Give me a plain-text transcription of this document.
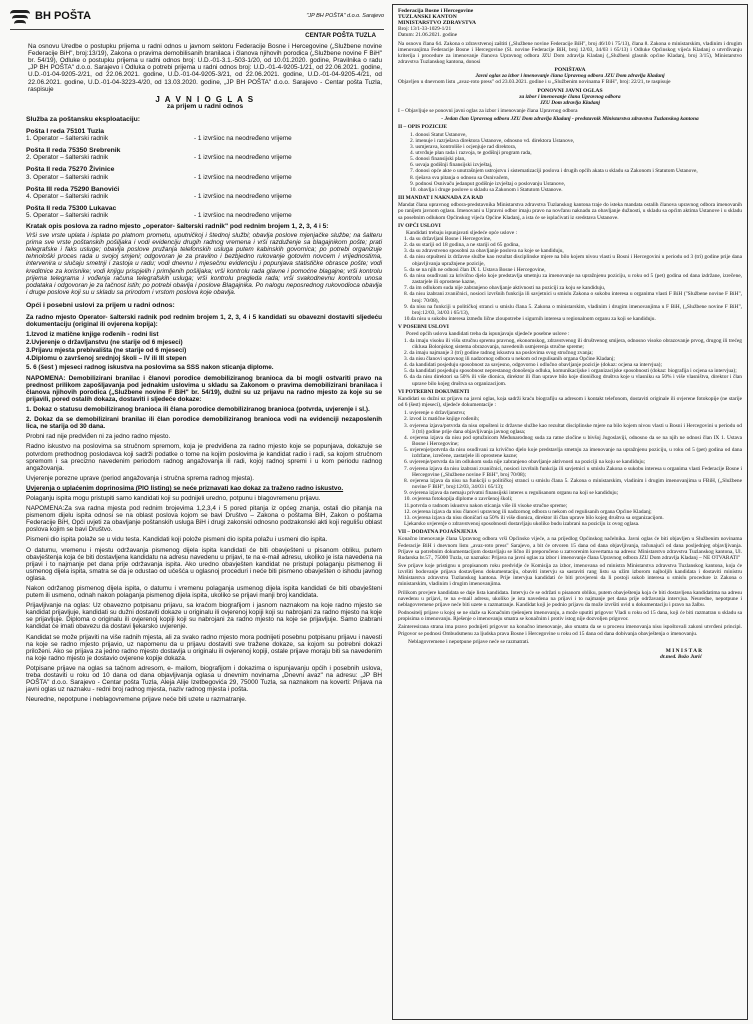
BH POŠTA	"JP BH POŠTA" d.o.o. Sarajevo
CENTAR POŠTA TUZLA
Na osnovu Uredbe o postupku prijema u radni odnos u javnom sektoru Federacije Bosne i Hercegovine („Službene novine Federacije BiH", broj:13/19), Zakona o pravima demobilisanih branilaca i članova njihovih porodica („Službene novine F BiH" br. 54/19), Odluke o postupku prijema u radni odnos broj: U.D.-01-3.1.-503-1/20, od 10.01.2020. godine, Pravilnika o radu „JP BH POŠTA" d.o.o. Sarajevo i Odluka o potrebi prijema u radni odnos broj: U.D.-01-4-9205-1/21, od 22.06.2021. godine, U.D.-01-04-9205-2/21, od 22.06.2021. godine, U.D.-01-04-9205-3/21, od 22.06.2021. godine, U.D.-01-04-9205-4/21, od 22.06.2021. godine, U.D.-01-04-3223-4/20, od 13.03.2020. godine, „JP BH POŠTA" d.o.o. Sarajevo - Centar pošta Tuzla, raspisuje
J A V N I O G L A S
za prijem u radni odnos
Služba za poštansku eksploataciju:
Pošta I reda 75101 Tuzla
1. Operator – šalterski radnik	- 1 izvršioc na neodređeno vrijeme
Pošta II reda 75350 Srebrenik
2. Operator – šalterski radnik	- 1 izvršioc na neodređeno vrijeme
Pošta II reda 75270 Živinice
3. Operator – šalterski radnik	- 1 izvršioc na neodređeno vrijeme
Pošta III reda 75290 Banovići
4. Operator – šalterski radnik	- 1 izvršioc na neodređeno vrijeme
Pošta II reda 75300 Lukavac
5. Operator – šalterski radnik	- 1 izvršioc na neodređeno vrijeme
Kratak opis poslova za radno mjesto „operator- šalterski radnik" pod rednim brojem 1, 2, 3, 4 i 5:
Vrši sve vrste uplata i isplata po platnom prometu, uputničkoj i štednoj službi; obavlja poslove mjenjačke službe; na šalteru prima sve vrste poštanskih pošiljaka i vodi evidenciju drugih radnog vremena i vrši razduženje sa blagajnikom pošte; prati telegrafske i faks usluge; obavlja poslove pružanja telefonskih usluga putem kabinskih govornica; po potrebi organizuje tehnološki proces rada u svojoj smjeni; odgovoran je za pravilno i bezbjedno rukovanje gotovim novcem i vrijednostima, intervenira u slučaju smetnji i zastoja u radu; vodi dnevnu i mjesečnu evidenciju i popunjava statističke obrasce pošte; vodi kreditnice za korisnike; vodi knjigu prispjelih i primljenih pošiljaka; vrši kontrolu rada glavne i pomoćne blagajne; vrši kontrolu prijema telegrama i vođenja računa telegrafskih usluga; vrši kontrolu pregleda rada; vrši svakodnevnu kontrolu unosa podataka i odgovoran je za tačnost istih; po potrebi obavlja i poslove Blagajnika. Po nalogu neposrednog rukovodioca obavlja i druge poslove koji su u skladu sa prirodom i vrstom poslova koje obavlja.
Opći i posebni uslovi za prijem u radni odnos:
Za radno mjesto Operator- šalterski radnik pod rednim brojem 1, 2, 3, 4 i 5 kandidati su obavezni dostaviti sljedeću dokumentaciju (original ili ovjerena kopija):
1.Izvod iz matične knjige rođenih - rodni list
2.Uvjerenje o državljanstvu (ne starije od 6 mjeseci)
3.Prijavu mjesta prebivališta (ne starije od 6 mjeseci)
4.Diplomu o završenoj srednjoj školi – IV ili III stepen
5. 6 (šest ) mjeseci radnog iskustva na poslovima sa SSS nakon sticanja diplome.
NAPOMENA: Demobilizirani branilac i članovi porodice demobiliziranog branioca da bi mogli ostvariti pravo na prednost prilikom zapošljavanja pod jednakim uslovima u skladu sa Zakonom o pravima demobilizirani branilaca i članova njihovih porodica („Službene novine F BiH" br. 54/19), dužni su uz prijavu na radno mjesto za koje su se prijavili, pored ostalih dokaza, dostaviti i sljedeće dokaze:
1. Dokaz o statusu demobiliziranog branioca ili člana porodice demobiliziranog branioca (potvrda, uvjerenje i sl.).
2. Dokaz da se demobilizirani branilac ili član porodice demobiliziranog branioca vodi na evidenciji nezaposlenih lica, ne starija od 30 dana.
Probni rad nije predviđen ni za jedno radno mjesto.
Radno iskustvo na poslovima sa stručnom spremom, koja je predviđena za radno mjesto koje se popunjava, dokazuje se potvrdom prethodnog poslodavca koji sadrži podatke o tome na kojim poslovima je kandidat radio i radi, sa kojom stručnom spremom i sa precizno navedenim periodom radnog angažovanja ili radi, kojoj radnoj spremi i u kom periodu radnog angažovanja.
Uvjerenje porezne uprave (period angažovanja i stručna sprema radnog mjesta).
Uvjerenja o uplaćenim doprinosima (PIO listing) se neće priznavati kao dokaz za traženo radno iskustvo.
Polaganju ispita mogu pristupiti samo kandidati koji su podnijeli uredno, potpunu i blagovremenu prijavu.
NAPOMENA:Za sva radna mjesta pod rednim brojevima 1,2,3,4 i 5 pored pitanja iz općeg znanja, ostali dio pitanja na pismenom dijelu ispita odnosi se na oblast poslova kojom se bavi Društvo – Zakona o poštama BiH, Zakon o poštama Federacije BiH, Opći uvjeti za obavljanje poštanskih usluga BiH i drugi zakonski odnosno podzakonski akti koji regulišu oblast poslova kojim se bavi Društvo.
Pismeni dio ispita polaže se u vidu testa. Kandidati koji polože pismeni dio ispita polažu i usmeni dio ispita.
O datumu, vremenu i mjestu održavanja pismenog dijela ispita kandidati će biti obavješteni u pisanom obliku, putem obavještenja koja će biti dostavljena kandidatu na adresu navedenu u prijavi, te na e-mail adresu, ukoliko je ista navedena na prijavi i to najmanje pet dana prije održavanja ispita. Ako uredno obavješten kandidat ne pristupi polaganju pismenog ili usmenog dijela ispita, smatra se da je odustao od učešća u oglasnoj proceduri i neće biti pismeno obavješten o ishodu javnog oglasa.
Nakon održanog pismenog dijela ispita, o datumu i vremenu polaganja usmenog dijela ispita kandidati će biti obavješteni putem ili usmeno, odnah nakon polaganja pismenog dijela ispita, ukoliko se prijavi manji broj kandidata.
Prijavljivanje na oglas: Uz obavezno potpisanu prijavu, sa kraćom biografijom i jasnom naznakom na koje radno mjesto se kandidat prijavljuje, kandidati su dužni dostaviti dokaze u originalu ili ovjerenoj kopiji koji su nabrojani za radno mjesto na koje se prijavljuje. Diploma o originalu ili ovjerenoj kopiji koji su nabrojani za radno mjesto na koje se prijavljuje. Samo izabrani kandidat će imati obavezu da dostavi ljekarsko uvjerenje.
Kandidat se može prijaviti na više radnih mjesta, ali za svako radno mjesto mora podnijeti posebnu potpisanu prijavu i navesti na koje se radno mjesto prijavio, uz napomenu da u prijavu dostaviti sve tražene dokaze, sa kojom su potrebni dokazi priloženi. Ako se prijava za jedno radno mjesto dostavlja u originalu ili ovjerenoj kopiji, ostale prijave moraju biti sa navedenim na koje radno mjesto je dostavio ovjerene kopije dokaza.
Potpisane prijave na oglas sa tačnom adresom, e- mailom, biografijom i dokazima o ispunjavanju općih i posebnih uslova, treba dostaviti u roku od 10 dana od dana objavljivanja oglasa u dnevnim novinama „Dnevni avaz" na adresu: „JP BH POŠTA" d.o.o. Sarajevo - Centar pošta Tuzla, Aleja Alije Izetbegovića 29, 75000 Tuzla, sa naznakom na koverti: Prijava na javni oglas uz naznaku - redni broj radnog mjesta, naziv radnog mjesta i pošta.
Neuredne, nepotpune i neblagovremene prijave neće biti uzete u razmatranje.
Federacija Bosne i Hercegovine
TUZLANSKI KANTON
MINISTARSTVO ZDRAVSTVA
Broj: 13/1-33-1029-1/21
Datum: 21.06.2021. godine
Na osnovu člana 64. Zakona o zdravstvenoj zaštiti („Službene novine Federacije BiH", broj 46/10 i 75/13), člana 8. Zakona o ministarskim, vladinim i drugim imenovanjima Federacije Bosne i Hercegovine (Sl. novine Federacije BiH, broj 12/03, 34/03 i 65/13) i Odluke Općinskog vijeća Kladanj o utvrđivanju kriterija i procedure za imenovanje članova Upravnog odbora JZU Dom zdravlja Kladanj („Službeni glasnik općine Kladanj, broj 3/15), Ministarstvo zdravstva Tuzlanskog kantona, donosi
PONIŠTAVA
Javni oglas za izbor i imenovanje člana Upravnog odbora JZU Dom zdravlja Kladanj
Objavljen u dnevnom listu „avaz-roto press" od 23.03.2021. godine i u „Službenim novinama F BiH", broj: 22/21, te raspisuje
PONOVNI JAVNI OGLAS
za izbor i imenovanje člana Upravnog odbora
JZU Dom zdravlja Kladanj
I – Objavljuje se ponovni javni oglas za izbor i imenovanje člana Upravnog odbora
- Jedan član Upravnog odbora JZU Dom zdravlja Kladanj - predstavnik Ministarstva zdravstva Tuzlanskog kantona
II – OPIS POZICIJE
1. donosi Statut Ustanove,
2. imenuje i razrješava direktora Ustanove, odnosno vd. direktora Ustanove,
3. usmjerava, kontroliše i ocjenjuje rad direktora,
4. utvrđuje plan rada i razvoja, te godišnji program rada,
5. donosi finansijski plan,
6. usvaja godišnji finansijski izvještaj,
7. donosi opće akte o unutrašnjem ustrojstvu i sistematizaciji poslova i drugih općih akata u skladu sa Zakonom i Statutom Ustanove,
8. rješava sva pitanja o odnosu sa Osnivačem,
9. podnosi Osnivaču jedanput godišnje izvještaj o poslovanju Ustanove,
10. obavlja i druge poslove u skladu sa Zakonom i Statutom Ustanove.
III MANDAT I NAKNADA ZA RAD
Mandat člana upravnog odbora-predstavnika Ministarstva zdravstva Tuzlanskog kantona traje do isteka mandata ostalih članova upravnog odbora imenovanih po ranijem javnom oglasu. Imenovani u Upravni odbor imaju pravo na novčanu naknadu za obavljanje dužnosti, u skladu sa općim aktima Ustanove i u skladu sa posebnim odlukom Općinskog vijeća Općine Kladanj, a ista će se isplaćivati iz sredstava Ustanove.
IV OPĆI USLOVI
Kandidati trebaju ispunjavati sljedeće opće uslove :
1. da su državljani Bosne i Hercegovine,
2. da su stariji od 18 godina, a ne stariji od 65 godina,
3. da su zdravstveno sposobni za obavljanje poslova na koje se kandiduju,
4. da nisu otpušteni iz državne službe kao rezultat disciplinske mjere na bilo kojem nivou vlasti u Bosni i Hercegovini u periodu od 3 (tri) godine prije dana objavljivanja upražnjene pozicije,
5. da se na njih ne odnosi član IX 1. Ustava Bosne i Hercegovine,
6. da nisu osuđivani za krivično djelo koje predstavlja smetnju za imenovanje na upražnjenu poziciju, u roku od 5 (pet) godina od dana izdržane, izrečene, zastarjele ili oprostene kazne,
7. da im odlukom suda nije zabranjeno obavljanje aktivnosti na poziciji za koju se kandiduju,
8. da nisu izabrani zvaničnici, nosioci izvršnih funkcija ili savjetnici u smislu Zakona o sukobu interesa u organima vlasti F BiH ("Službene novine F BiH", broj: 70/08),
9. da nisu na funkciji u političkoj stranci u smislu člana 5. Zakona o ministarskim, vladinim i drugim imenovanjima u F BiH, („Službene novine F BiH", broj:12/03, 34/03 i 65/13),
10.da nisu u sukobu interesa između lične zloupotrebe i sigurnih interesa u regionalnom organu za koji se kandiduju.
V POSEBNI USLOVI
Pored općih uslova kandidati treba da ispunjavaju sljedeće posebne uslove :
1. da imaju visoku ili višu stručnu spremu pravnog, ekonomskog, zdravstvenog ili društvenog smijera, odnosno visoko obrazovanje prvog, drugog ili trećeg ciklusa Bolonjskog sistema obrazovanja, navedenih usmjerenja stručne spreme;
2. da imaju najmanje 3 (tri) godine radnog iskustva na poslovima svog stručnog zvanja;
3. da nisu članovi upravnog ili nadzornog odbora u nekom od regulisanih organa Općine Kladanj;
4. da kandidati posjeduju sposobnost za savjesno, odgovorno i odlučno obavljanje pozicije (dokaz: ocjena sa intervjua);
5. da kandidati posjeduju sposobnost neprestanog donošenja odluka, komunikacijske i organizacijske sposobnosti (dokaz: biografija i ocjena sa intervjua);
6. da da nisu direktori sa 50% ili više dionica, direktor ili član uprave bilo koje dioničkog društva koje u vlasniku sa 50% i više vlasništva, direktor i član uprave bilo kojeg društva sa organizacijom.
VI POTREBNI DOKUMENTI
Kandidati su dužni uz prijavu na javni oglas, koja sadrži kraću biografiju sa adresom i kontakt telefonom, dostaviti originale ili ovjerene fotokopije (ne starije od 6 (šest) mjeseci), sljedeće dokumentacije :
1. uvjerenje o državljanstvu;
2. izvod iz matične knjige rođenih;
3. ovjerena izjava/potvrda da nisu otpušteni iz državne službe kao rezultat disciplinske mjere na bilo kojem nivou vlasti u Bosni i Hercegovini u periodu od 3 (tri) godine prije dana objavljivanja javnog oglasa;
4. ovjerena izjava da nisu pod optužnicom Međunarodnog suda za ratne zločine u bivšoj Jugoslaviji, odnosno da se na njih ne odnosi član IX 1. Ustava Bosne i Hercegovine;
5. uvjerenje/potvrda da nisu osuđivani za krivično djelo koje predstavlja smetnju za imenovanje na upražnjenu poziciju, u roku od 5 (pet) godina od dana izdržane, izrečene, zastarjele ili oprostene kazne;
6. uvjerenje/potvrda da im odlukom suda nije zabranjeno obavljanje aktivnosti na poziciji na koju se kandiduju;
7. ovjerena izjava da nisu izabrani zvaničnici, nosioci izvršnih funkcija ili savjetnici u smislu Zakona o sukobu interesa u organima vlasti Federacije Bosne i Hercegovine („Službene novine F BiH", broj 70/08);
8. ovjerena izjava da nisu na funkciji u političkoj stranci u smislu člana 5. Zakona o ministarskim, vladinim i drugim imenovanjima u FBiH, („Službene novine F BiH", broj:12/03, 34/03 i 65/13);
9. ovjerena izjava da nemaju privatni finansijski interes u regulisanom organu na koji se kandiduju;
10. ovjerena fotokopija diplome o završenoj školi;
11.potvrda o radnom iskustvu nakon sticanja više ili visoke stručne spreme;
12. ovjerena izjava da nisu članovi upravnog ili nadzornog odbora u nekom od regulisanih organa Općine Kladanj;
13. ovjerena izjava da nisu dioničari sa 50% ili više dionica, direktor ili član uprave bilo kojeg društva sa organizacijom.
Ljekarsko uvjerenje o zdravstvenoj sposobnosti dostavljaju ukoliko budu izabrani na poziciju iz ovog oglasa.
VII – DODATNA POJAŠNJENJA
Konačno imenovanje člana Upravnog odbora vrši Općinsko vijeće, a na prijedlog Općinskog načelnika. Javni oglas će biti objavljen u Službenim novinama Federacije BiH i dnevnom listu „avaz-roto press" Sarajevo, a bit će otvoren 15 dana od dana objavljivanja, računajući od dana posljednjeg objavljivanja. Prijave sa potrebnim dokumentacijom dostavljaju se lično ili preporučeno u zatvorenim kovertama na adresu: Ministarstvo zdravstva Tuzlanskog kantona, Ul. Rudarska br.57., 75000 Tuzla, uz naznaku: Prijava na javni oglas za izbor i imenovanje člana Upravnog odbora JZU Dom zdravlja Kladanj – NE OTVARATI"
Sve prijave koje pristignu u propisanom roku predvidje će Komisija za izbor, imenovana od ministra Ministarstva zdravstva Tuzlanskog kantona, koja će izvršiti bodovanje prijava dostavljenu dokumentaciju, obaviti intervju sa sastaviti rang listu sa užim izborom najboljih kandidata i dostaviti ministru Ministarstva zdravstva Tuzlanskog kantona. Prije intervjua kandidati će biti provjereni da li postoji sukob interesa u smislu procedure iz Zakona o ministarskim, vladinim i drugim imenovanjima.
Prilikom provjere kandidata se daje lista kandidata. Intervju će se održati u pisanom obliku, putem obavještenja koja će biti dostavljena kandidatima na adresu navedenu u prijavi, te na e-mail adresu, ukoliko je ista navedena na prijavi i to najmanje pet dana prije održavanja intervjua. Neuredne, nepotpune i neblagovremene prijave neće biti uzete u razmatranje. Kandidat koji je podnio prijavu da može izvršiti uvid u dokumentaciju i pravo na žalbu.
Podnositelj prijave u kojoj se ne slaže sa Konačnim rješenjem imenovanju, a može uputiti prigovor Vladi u roku od 15 dana, koji će biti razmatran u skladu sa propisima o imenovanju. Rješenje o imenovanju smatra se konačnim i protiv istog nije dozvoljen prigovor.
Zainteresirana strana ima pravo podnijeti prigovor na konačno imenovanje, ako smatra da se u procesu imenovanja nisu ispoštovali zakoni utvrđeni principi. Prigovor se podnosi Ombudsmenu za ljudska prava Bosne i Hercegovine u roku od 15 dana od dana dobivanja obavještenja o imenovanju.
Neblagovremene i nepotpune prijave neće se razmatrati.
M I N I S T A R
dr.med. Božo Jurić
